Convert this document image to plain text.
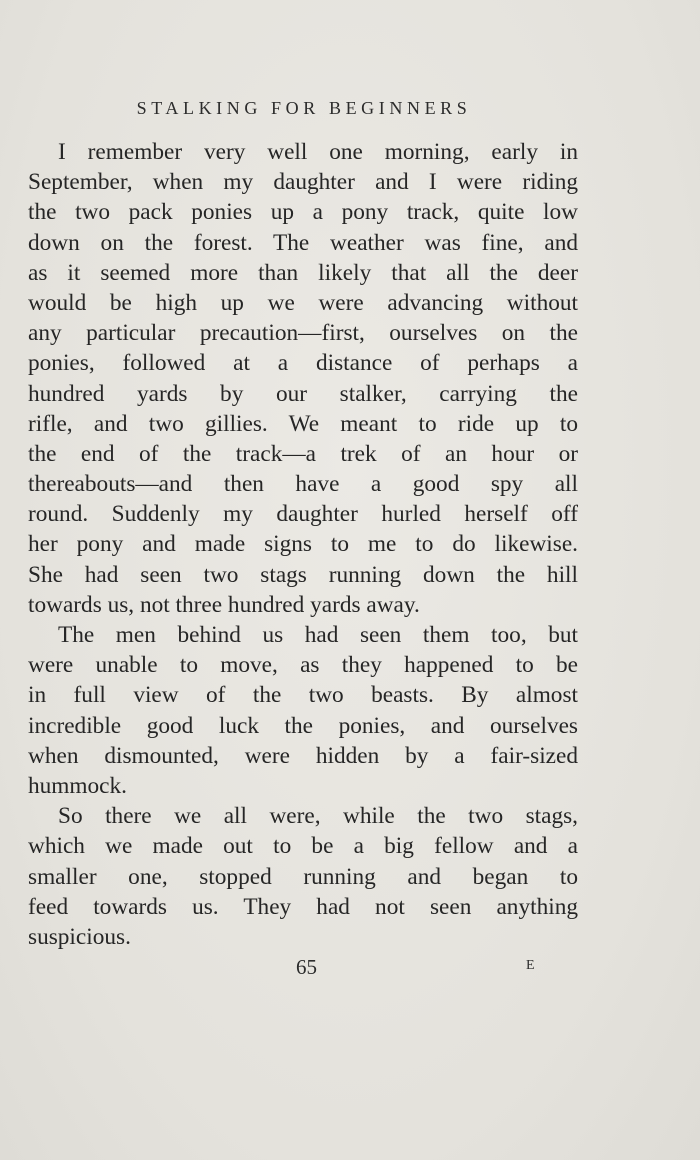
STALKING FOR BEGINNERS
I remember very well one morning, early in
September, when my daughter and I were riding
the two pack ponies up a pony track, quite low
down on the forest. The weather was fine, and
as it seemed more than likely that all the deer
would be high up we were advancing without
any particular precaution—first, ourselves on the
ponies, followed at a distance of perhaps a
hundred yards by our stalker, carrying the
rifle, and two gillies. We meant to ride up to
the end of the track—a trek of an hour or
thereabouts—and then have a good spy all
round. Suddenly my daughter hurled herself off
her pony and made signs to me to do likewise.
She had seen two stags running down the hill
towards us, not three hundred yards away.
The men behind us had seen them too, but
were unable to move, as they happened to be
in full view of the two beasts. By almost
incredible good luck the ponies, and ourselves
when dismounted, were hidden by a fair-sized
hummock.
So there we all were, while the two stags,
which we made out to be a big fellow and a
smaller one, stopped running and began to
feed towards us. They had not seen anything
suspicious.
65	E
